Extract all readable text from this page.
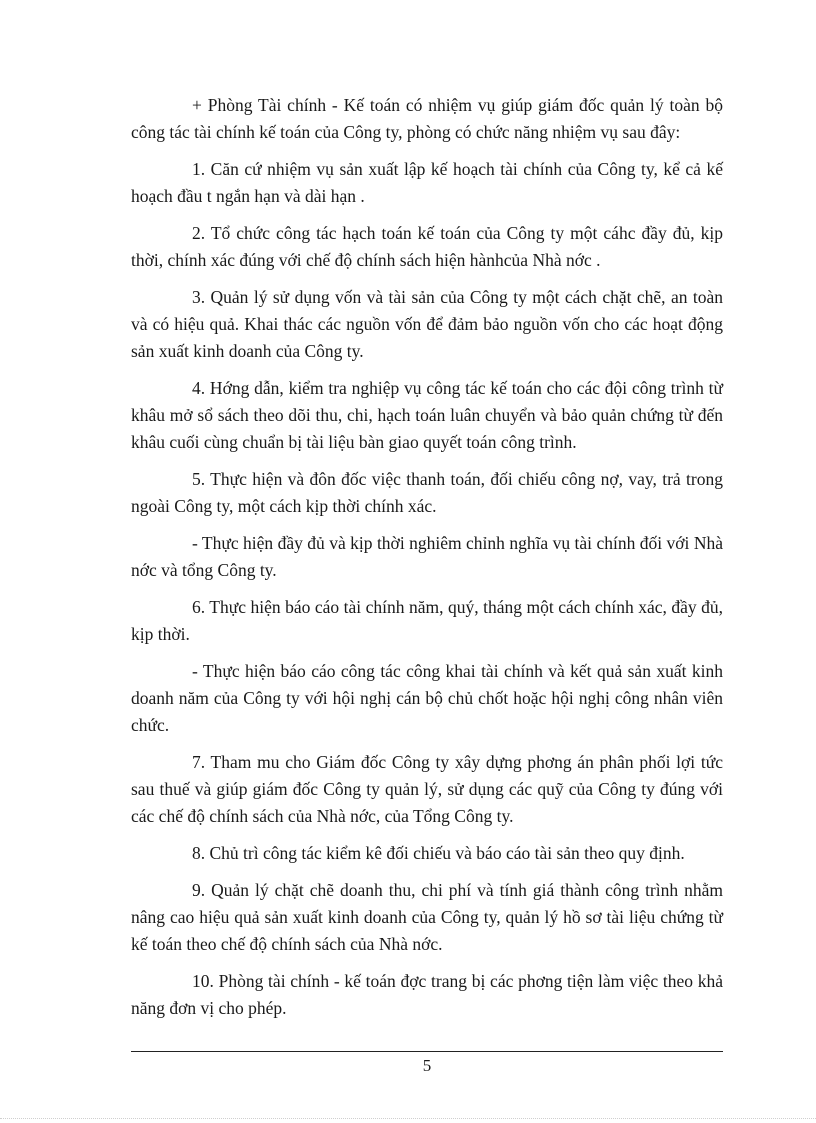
+ Phòng Tài chính - Kế toán có nhiệm vụ giúp giám đốc quản lý toàn bộ công tác tài chính kế toán của Công ty, phòng có chức năng nhiệm vụ sau đây:

1. Căn cứ nhiệm vụ sản xuất lập kế hoạch tài chính của Công ty, kể cả kế hoạch đầu t ngắn hạn và dài hạn .

2. Tổ chức công tác hạch toán kế toán của Công ty một cáhc đầy đủ, kịp thời, chính xác đúng với chế độ chính sách hiện hànhcủa Nhà nớc .

3. Quản lý sử dụng vốn và tài sản của Công ty một cách chặt chẽ, an toàn và có hiệu quả. Khai thác các nguồn vốn để đảm bảo nguồn vốn cho các hoạt động sản xuất kinh doanh của Công ty.

4. Hớng dẫn, kiểm tra nghiệp vụ công tác kế toán cho các đội công trình từ khâu mở sổ sách theo dõi thu, chi, hạch toán luân chuyển và bảo quản chứng từ đến khâu cuối cùng chuẩn bị tài liệu bàn giao quyết toán công trình.

5. Thực hiện và đôn đốc việc thanh toán, đối chiếu công nợ, vay, trả trong ngoài Công ty, một cách kịp thời chính xác.

- Thực hiện đầy đủ và kịp thời nghiêm chỉnh nghĩa vụ tài chính đối với Nhà nớc và tổng Công ty.

6. Thực hiện báo cáo tài chính năm, quý, tháng một cách chính xác, đầy đủ, kịp thời.

- Thực hiện báo cáo công tác công khai tài chính và kết quả sản xuất kinh doanh năm của Công ty với hội nghị cán bộ chủ chốt hoặc hội nghị công nhân viên chức.

7. Tham mu cho Giám đốc Công ty xây dựng phơng án phân phối lợi tức sau thuế và giúp giám đốc Công ty quản lý, sử dụng các quỹ của Công ty đúng với các chế độ chính sách của Nhà nớc, của Tổng Công ty.

8. Chủ trì công tác kiểm kê đối chiếu và báo cáo tài sản theo quy định.

9. Quản lý chặt chẽ doanh thu, chi phí và tính giá thành công trình nhằm nâng cao hiệu quả sản xuất kinh doanh của Công ty, quản lý hồ sơ tài liệu chứng từ kế toán theo chế độ chính sách của Nhà nớc.

10. Phòng tài chính - kế toán đợc trang bị các phơng tiện làm việc theo khả năng đơn vị cho phép.

5
